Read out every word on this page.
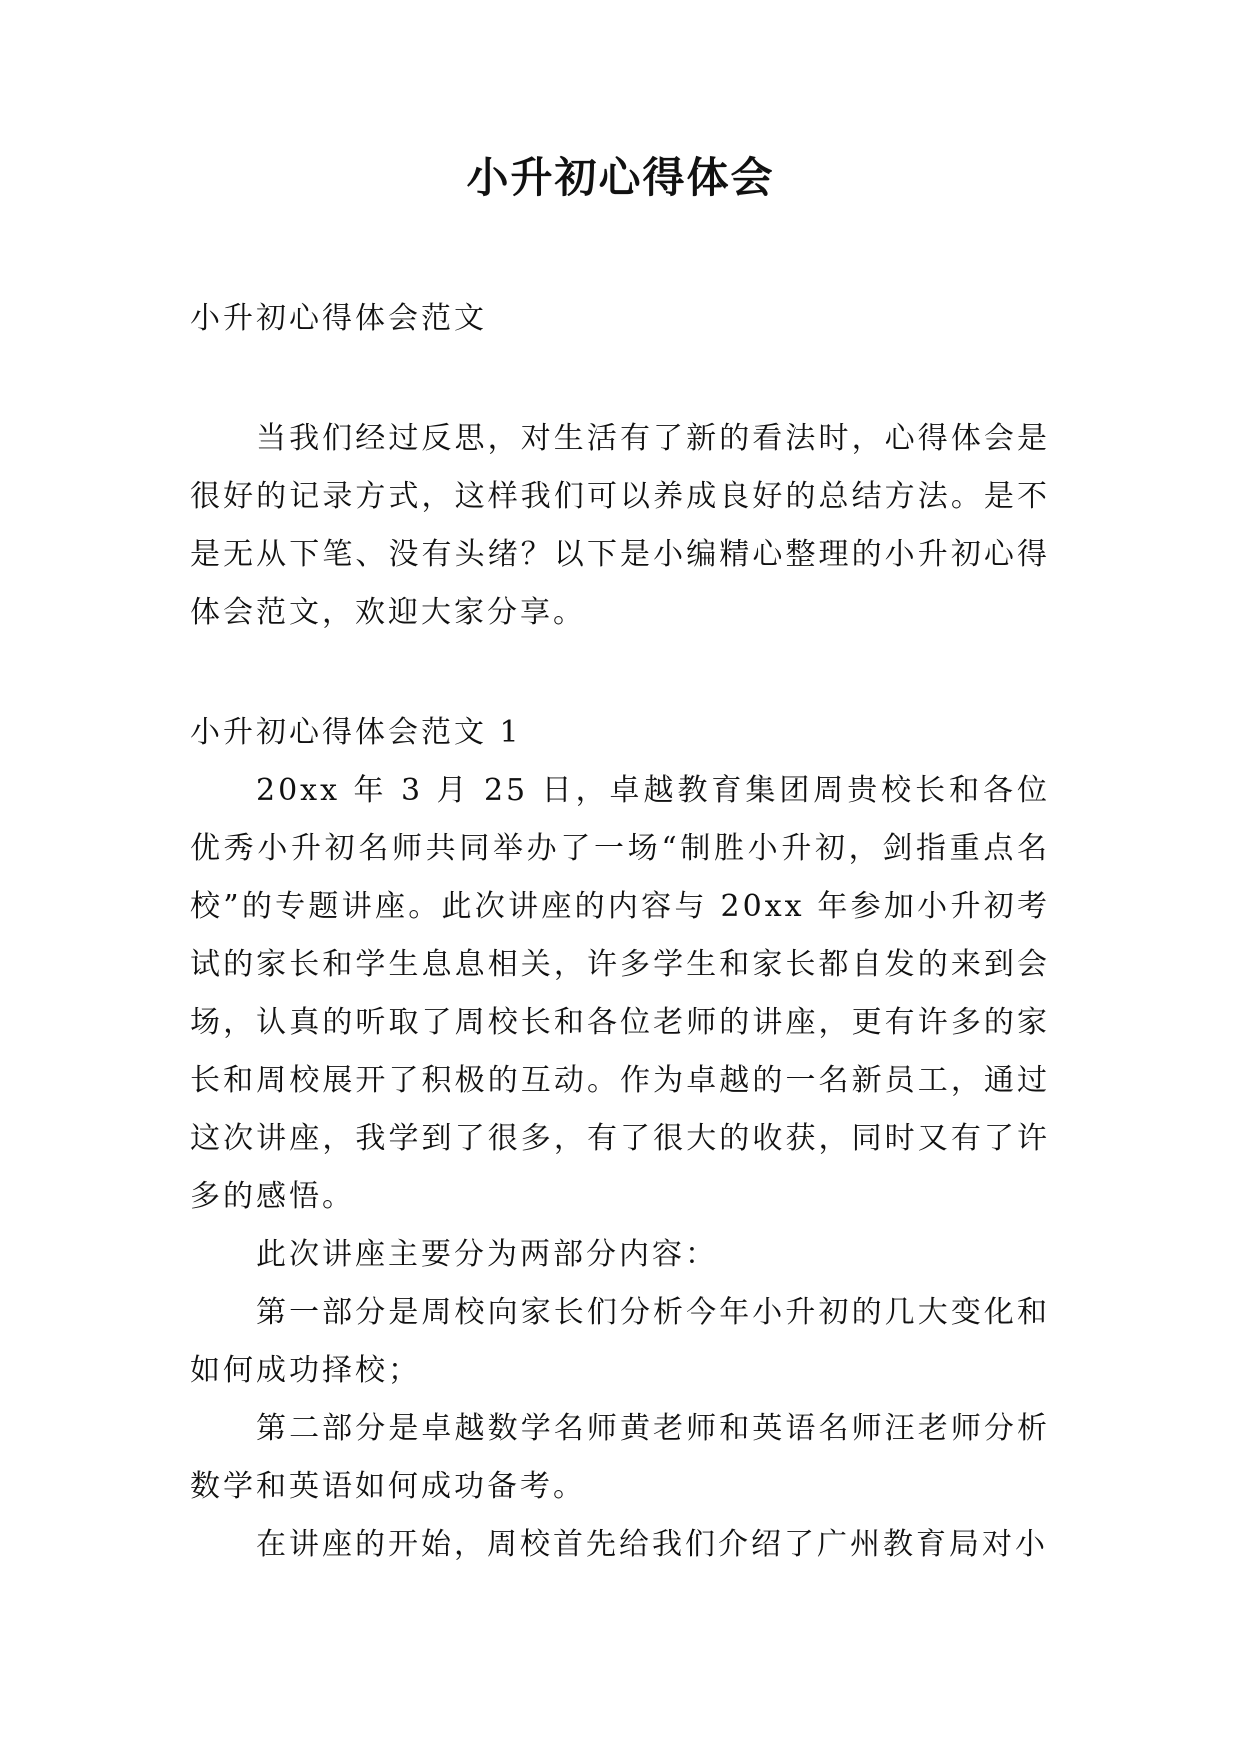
小升初心得体会

小升初心得体会范文

当我们经过反思，对生活有了新的看法时，心得体会是很好的记录方式，这样我们可以养成良好的总结方法。是不是无从下笔、没有头绪？以下是小编精心整理的小升初心得体会范文，欢迎大家分享。

小升初心得体会范文 1

20xx 年 3 月 25 日，卓越教育集团周贵校长和各位优秀小升初名师共同举办了一场“制胜小升初，剑指重点名校”的专题讲座。此次讲座的内容与 20xx 年参加小升初考试的家长和学生息息相关，许多学生和家长都自发的来到会场，认真的听取了周校长和各位老师的讲座，更有许多的家长和周校展开了积极的互动。作为卓越的一名新员工，通过这次讲座，我学到了很多，有了很大的收获，同时又有了许多的感悟。

此次讲座主要分为两部分内容：

第一部分是周校向家长们分析今年小升初的几大变化和如何成功择校；

第二部分是卓越数学名师黄老师和英语名师汪老师分析数学和英语如何成功备考。

在讲座的开始，周校首先给我们介绍了广州教育局对小
